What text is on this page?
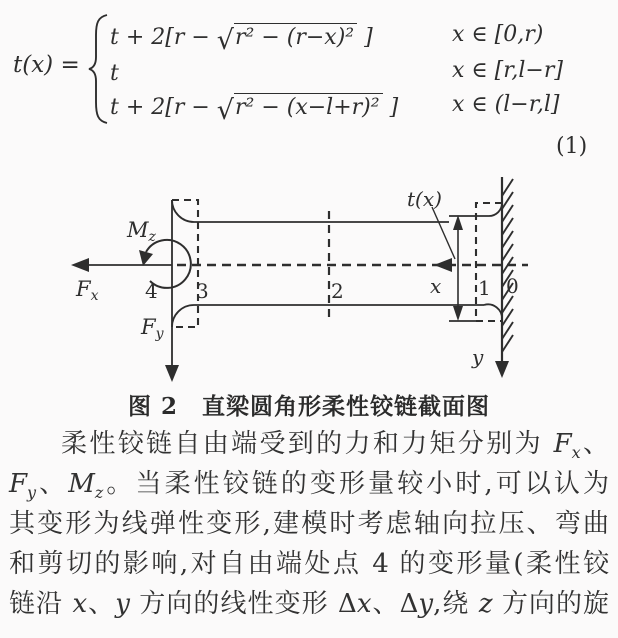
t(x) =
t + 2[r − √ r² − (r−x)² ]	x ∈ [0,r)
t	x ∈ [r,l−r]
t + 2[r − √ r² − (x−l+r)² ] x ∈ (l−r,l]
(1)
t(x)
Mz
Fx
Fy
4 3	2	1 0
x
y
图 2 直梁圆角形柔性铰链截面图
柔性铰链自由端受到的力和力矩分别为 $F_x$、
$F_y$、$M_z$。当柔性铰链的变形量较小时,可以认为
其变形为线弹性变形,建模时考虑轴向拉压、弯曲
和剪切的影响,对自由端处点 4 的变形量(柔性铰
链沿 x、y 方向的线性变形 Δx、Δy,绕 z 方向的旋
